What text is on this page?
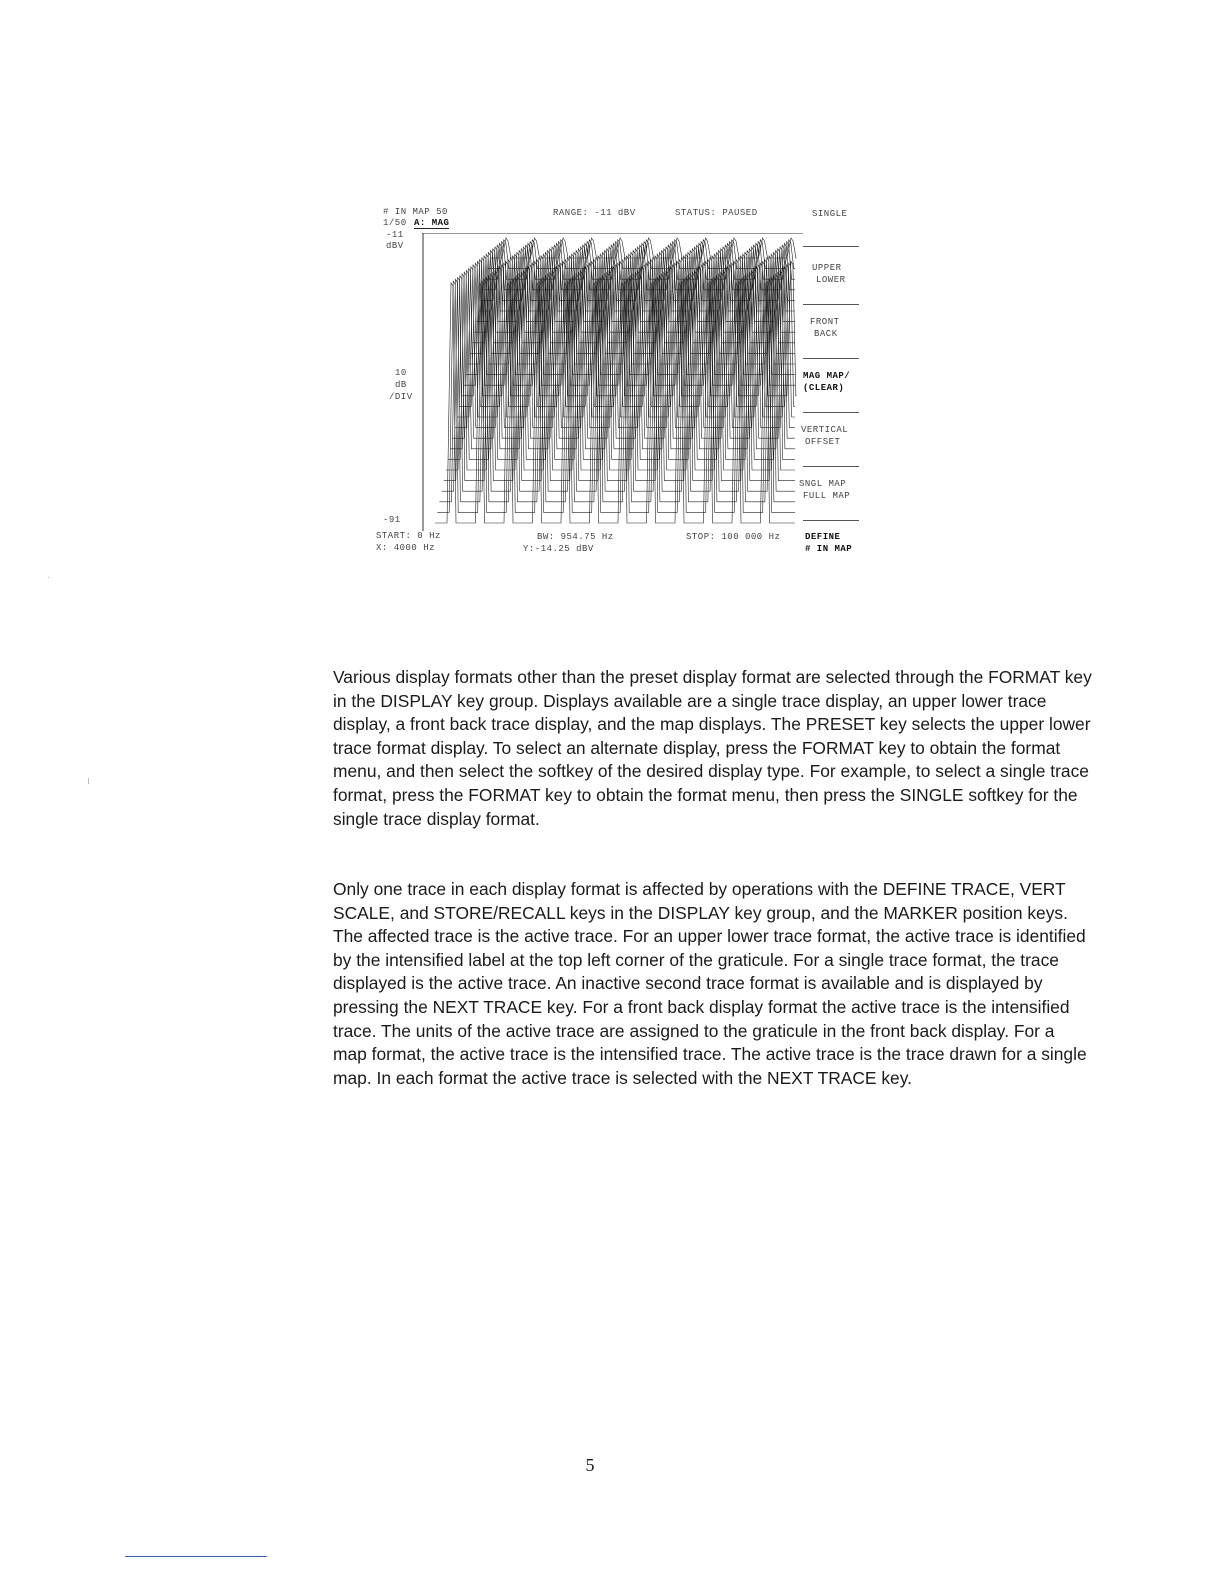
# IN MAP 50	RANGE: -11 dBV	STATUS: PAUSED	SINGLE
1/50 A: MAG
-11
dBV
10
dB
/DIV
-91
START: 0 Hz	BW: 954.75 Hz	STOP: 100 000 Hz
X: 4000 Hz	Y:-14.25 dBV
UPPER
LOWER
FRONT
BACK
MAG MAP/
(CLEAR)
VERTICAL
OFFSET
SNGL MAP
FULL MAP
DEFINE
# IN MAP

Various display formats other than the preset display format are selected through the FORMAT key in the DISPLAY key group. Displays available are a single trace display, an upper lower trace display, a front back trace display, and the map displays. The PRESET key selects the upper lower trace format display. To select an alternate display, press the FORMAT key to obtain the format menu, and then select the softkey of the desired display type. For example, to select a single trace format, press the FORMAT key to obtain the format menu, then press the SINGLE softkey for the single trace display format.

Only one trace in each display format is affected by operations with the DEFINE TRACE, VERT SCALE, and STORE/RECALL keys in the DISPLAY key group, and the MARKER position keys. The affected trace is the active trace. For an upper lower trace format, the active trace is identified by the intensified label at the top left corner of the graticule. For a single trace format, the trace displayed is the active trace. An inactive second trace format is available and is displayed by pressing the NEXT TRACE key. For a front back display format the active trace is the intensified trace. The units of the active trace are assigned to the graticule in the front back display. For a map format, the active trace is the intensified trace. The active trace is the trace drawn for a single map. In each format the active trace is selected with the NEXT TRACE key.

5
